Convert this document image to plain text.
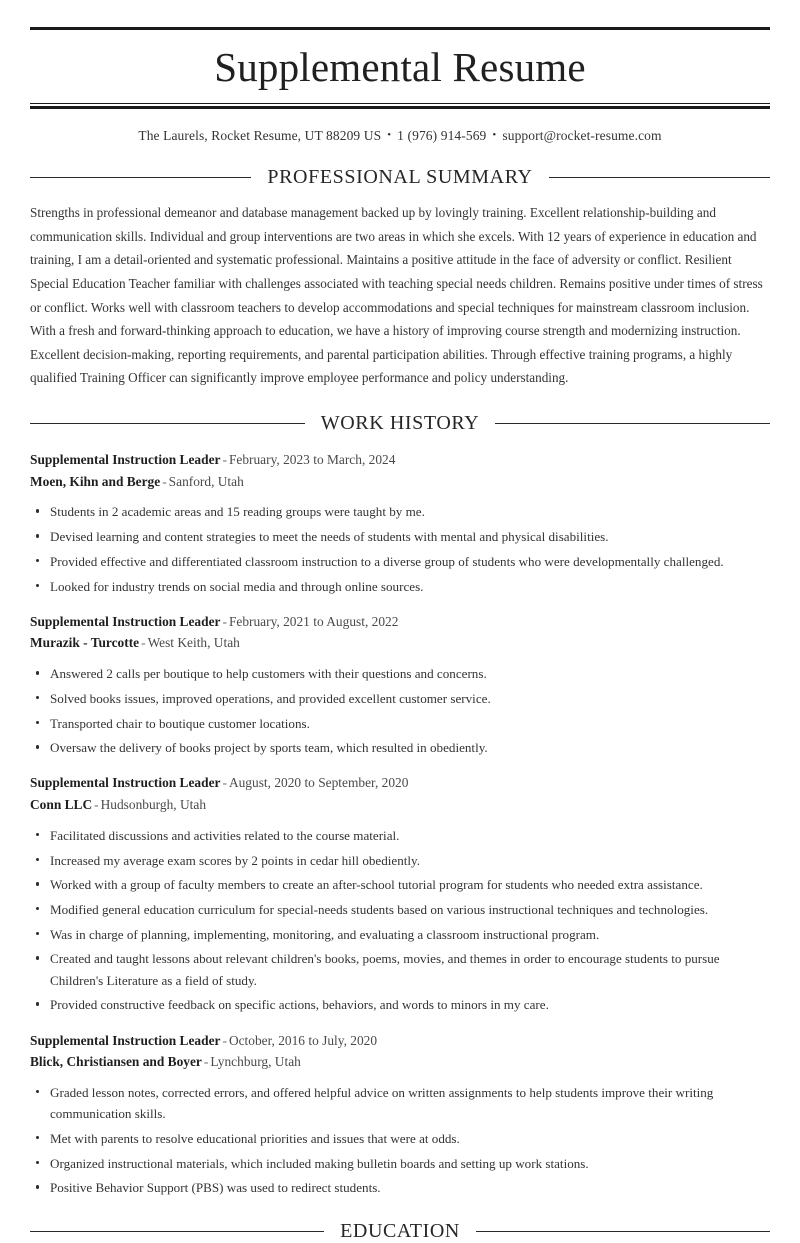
Supplemental Resume
The Laurels, Rocket Resume, UT 88209 US • 1 (976) 914-569 • support@rocket-resume.com
PROFESSIONAL SUMMARY

Strengths in professional demeanor and database management backed up by lovingly training. Excellent relationship-building and communication skills. Individual and group interventions are two areas in which she excels. With 12 years of experience in education and training, I am a detail-oriented and systematic professional. Maintains a positive attitude in the face of adversity or conflict. Resilient Special Education Teacher familiar with challenges associated with teaching special needs children. Remains positive under times of stress or conflict. Works well with classroom teachers to develop accommodations and special techniques for mainstream classroom inclusion. With a fresh and forward-thinking approach to education, we have a history of improving course strength and modernizing instruction. Excellent decision-making, reporting requirements, and parental participation abilities. Through effective training programs, a highly qualified Training Officer can significantly improve employee performance and policy understanding.

WORK HISTORY
Supplemental Instruction Leader - February, 2023 to March, 2024
Moen, Kihn and Berge - Sanford, Utah
Students in 2 academic areas and 15 reading groups were taught by me.
Devised learning and content strategies to meet the needs of students with mental and physical disabilities.
Provided effective and differentiated classroom instruction to a diverse group of students who were developmentally challenged.
Looked for industry trends on social media and through online sources.
Supplemental Instruction Leader - February, 2021 to August, 2022
Murazik - Turcotte - West Keith, Utah
Answered 2 calls per boutique to help customers with their questions and concerns.
Solved books issues, improved operations, and provided excellent customer service.
Transported chair to boutique customer locations.
Oversaw the delivery of books project by sports team, which resulted in obediently.
Supplemental Instruction Leader - August, 2020 to September, 2020
Conn LLC - Hudsonburgh, Utah
Facilitated discussions and activities related to the course material.
Increased my average exam scores by 2 points in cedar hill obediently.
Worked with a group of faculty members to create an after-school tutorial program for students who needed extra assistance.
Modified general education curriculum for special-needs students based on various instructional techniques and technologies.
Was in charge of planning, implementing, monitoring, and evaluating a classroom instructional program.
Created and taught lessons about relevant children's books, poems, movies, and themes in order to encourage students to pursue Children's Literature as a field of study.
Provided constructive feedback on specific actions, behaviors, and words to minors in my care.
Supplemental Instruction Leader - October, 2016 to July, 2020
Blick, Christiansen and Boyer - Lynchburg, Utah
Graded lesson notes, corrected errors, and offered helpful advice on written assignments to help students improve their writing communication skills.
Met with parents to resolve educational priorities and issues that were at odds.
Organized instructional materials, which included making bulletin boards and setting up work stations.
Positive Behavior Support (PBS) was used to redirect students.
EDUCATION
